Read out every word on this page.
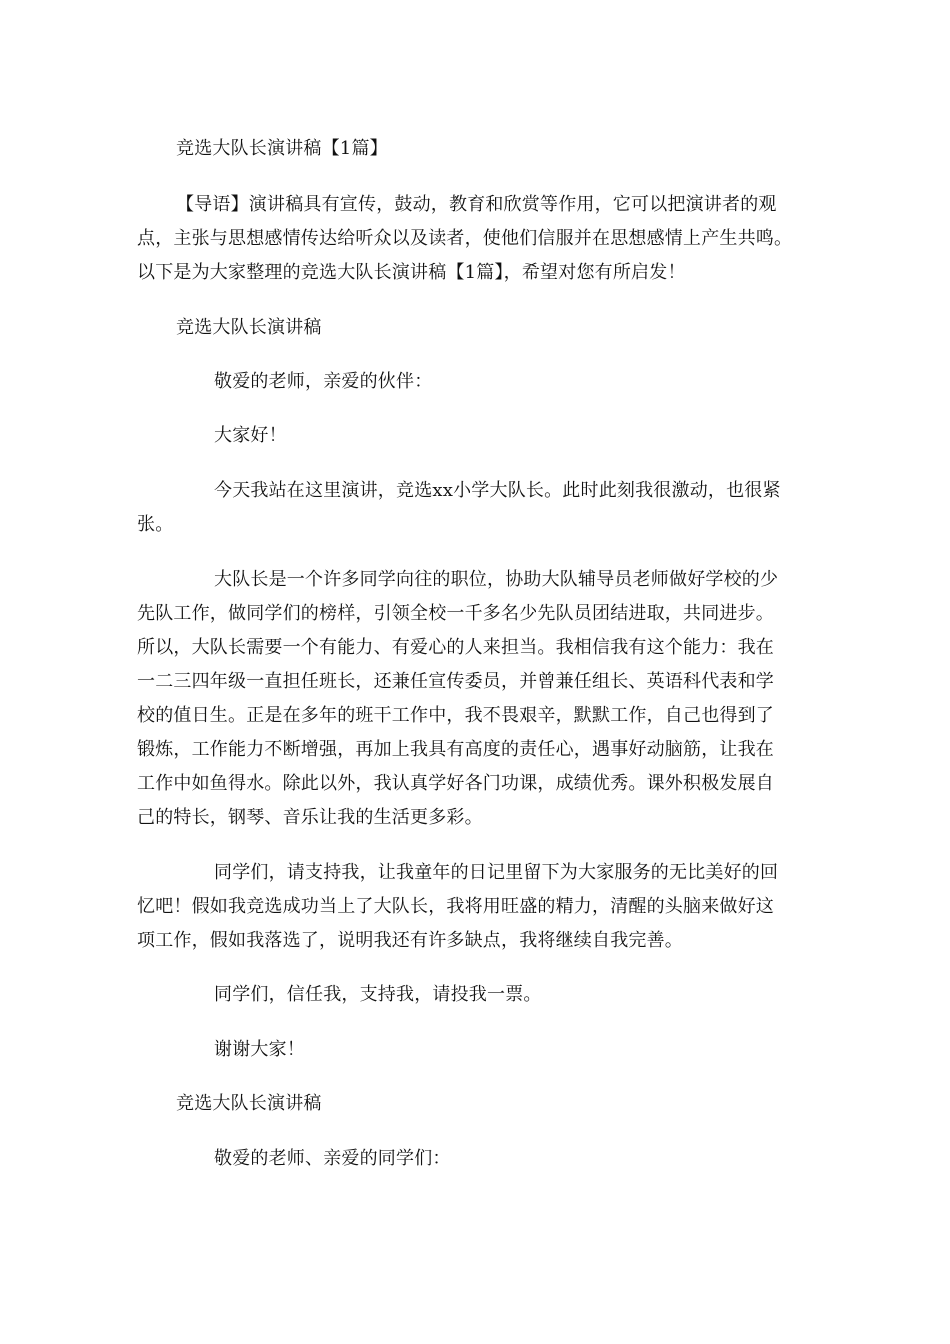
竞选大队长演讲稿【1篇】
【导语】演讲稿具有宣传，鼓动，教育和欣赏等作用，它可以把演讲者的观
点，主张与思想感情传达给听众以及读者，使他们信服并在思想感情上产生共鸣。
以下是为大家整理的竞选大队长演讲稿【1篇】，希望对您有所启发！
竞选大队长演讲稿
敬爱的老师，亲爱的伙伴：
大家好！
今天我站在这里演讲，竞选xx小学大队长。此时此刻我很激动，也很紧
张。
大队长是一个许多同学向往的职位，协助大队辅导员老师做好学校的少
先队工作，做同学们的榜样，引领全校一千多名少先队员团结进取，共同进步。
所以，大队长需要一个有能力、有爱心的人来担当。我相信我有这个能力：我在
一二三四年级一直担任班长，还兼任宣传委员，并曾兼任组长、英语科代表和学
校的值日生。正是在多年的班干工作中，我不畏艰辛，默默工作，自己也得到了
锻炼，工作能力不断增强，再加上我具有高度的责任心，遇事好动脑筋，让我在
工作中如鱼得水。除此以外，我认真学好各门功课，成绩优秀。课外积极发展自
己的特长，钢琴、音乐让我的生活更多彩。
同学们，请支持我，让我童年的日记里留下为大家服务的无比美好的回
忆吧！假如我竞选成功当上了大队长，我将用旺盛的精力，清醒的头脑来做好这
项工作，假如我落选了，说明我还有许多缺点，我将继续自我完善。
同学们，信任我，支持我，请投我一票。
谢谢大家！
竞选大队长演讲稿
敬爱的老师、亲爱的同学们：
